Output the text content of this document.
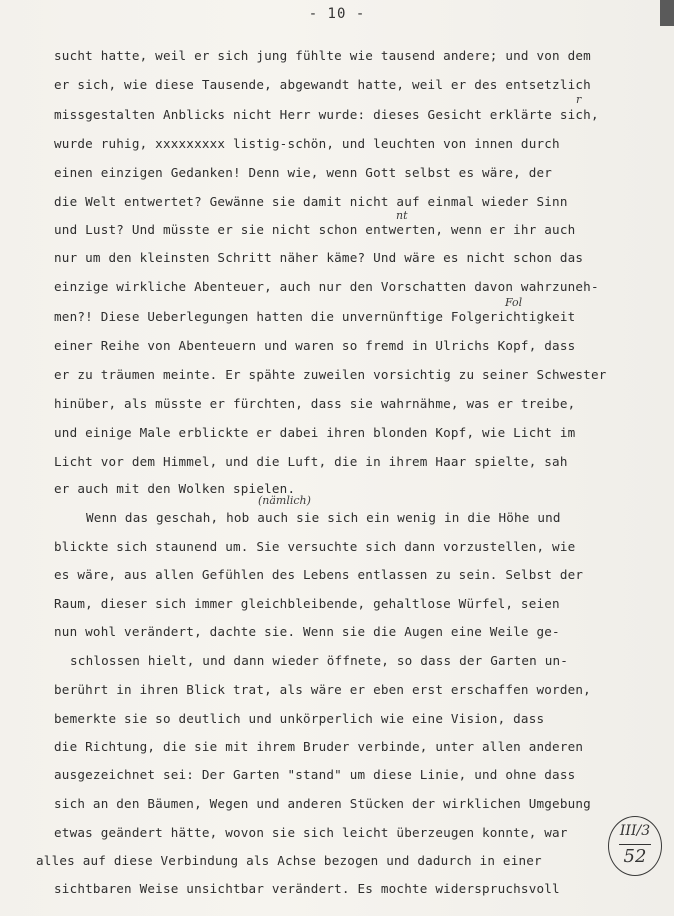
- 10 -
sucht hatte, weil er sich jung fühlte wie tausend andere; und von dem
er sich, wie diese Tausende, abgewandt hatte, weil er des entsetzlich
missgestalten Anblicks nicht Herr wurde: dieses Gesicht erklärte sich,
wurde ruhig, xxxxxxxxx listig-schön, und leuchten von innen durch
einen einzigen Gedanken! Denn wie, wenn Gott selbst es wäre, der
die Welt entwertet? Gewänne sie damit nicht auf einmal wieder Sinn
und Lust? Und müsste er sie nicht schon entwerten, wenn er ihr auch
nur um den kleinsten Schritt näher käme? Und wäre es nicht schon das
einzige wirkliche Abenteuer, auch nur den Vorschatten davon wahrzuneh-
men?! Diese Ueberlegungen hatten die unvernünftige Folgerichtigkeit
einer Reihe von Abenteuern und waren so fremd in Ulrichs Kopf, dass
er zu träumen meinte. Er spähte zuweilen vorsichtig zu seiner Schwester
hinüber, als müsste er fürchten, dass sie wahrnähme, was er treibe,
und einige Male erblickte er dabei ihren blonden Kopf, wie Licht im
Licht vor dem Himmel, und die Luft, die in ihrem Haar spielte, sah
er auch mit den Wolken spielen.
Wenn das geschah, hob auch sie sich ein wenig in die Höhe und
blickte sich staunend um. Sie versuchte sich dann vorzustellen, wie
es wäre, aus allen Gefühlen des Lebens entlassen zu sein. Selbst der
Raum, dieser sich immer gleichbleibende, gehaltlose Würfel, seien
nun wohl verändert, dachte sie. Wenn sie die Augen eine Weile ge-
schlossen hielt, und dann wieder öffnete, so dass der Garten un-
berührt in ihren Blick trat, als wäre er eben erst erschaffen worden,
bemerkte sie so deutlich und unkörperlich wie eine Vision, dass
die Richtung, die sie mit ihrem Bruder verbinde, unter allen anderen
ausgezeichnet sei: Der Garten "stand" um diese Linie, und ohne dass
sich an den Bäumen, Wegen und anderen Stücken der wirklichen Umgebung
etwas geändert hätte, wovon sie sich leicht überzeugen konnte, war
alles auf diese Verbindung als Achse bezogen und dadurch in einer
sichtbaren Weise unsichtbar verändert. Es mochte widerspruchsvoll
(nämlich)
Fol
r
nt
III/3
52
